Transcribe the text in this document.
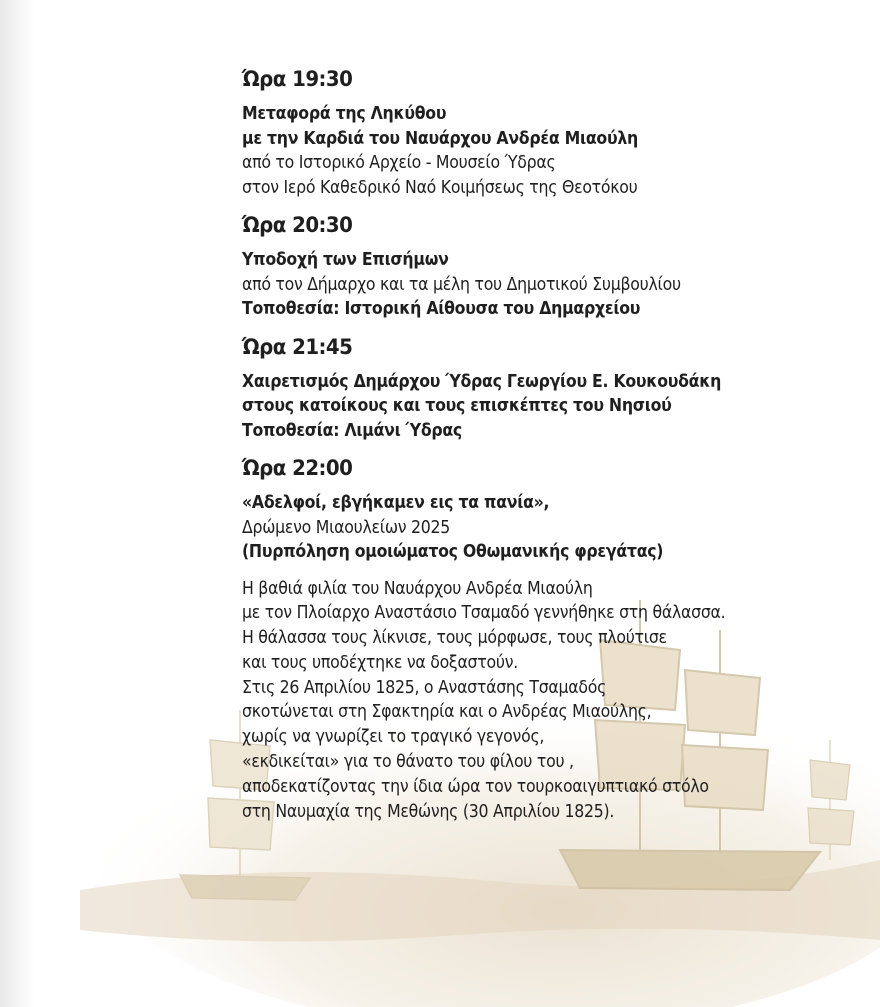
Ώρα 19:30
Μεταφορά της Ληκύθου
με την Καρδιά του Ναυάρχου Ανδρέα Μιαούλη
από το Ιστορικό Αρχείο - Μουσείο Ύδρας
στον Ιερό Καθεδρικό Ναό Κοιμήσεως της Θεοτόκου
Ώρα 20:30
Υποδοχή των Επισήμων
από τον Δήμαρχο και τα μέλη του Δημοτικού Συμβουλίου
Τοποθεσία: Ιστορική Αίθουσα του Δημαρχείου
Ώρα 21:45
Χαιρετισμός Δημάρχου Ύδρας Γεωργίου Ε. Κουκουδάκη
στους κατοίκους και τους επισκέπτες του Νησιού
Τοποθεσία: Λιμάνι Ύδρας
Ώρα 22:00
«Αδελφοί, εβγήκαμεν εις τα πανία»,
Δρώμενο Μιαουλείων 2025
(Πυρπόληση ομοιώματος Οθωμανικής φρεγάτας)
Η βαθιά φιλία του Ναυάρχου Ανδρέα Μιαούλη
με τον Πλοίαρχο Αναστάσιο Τσαμαδό γεννήθηκε στη θάλασσα.
Η θάλασσα τους λίκνισε, τους μόρφωσε, τους πλούτισε
και τους υποδέχτηκε να δοξαστούν.
Στις 26 Απριλίου 1825, ο Αναστάσης Τσαμαδός
σκοτώνεται στη Σφακτηρία και ο Ανδρέας Μιαούλης,
χωρίς να γνωρίζει το τραγικό γεγονός,
«εκδικείται» για το θάνατο του φίλου του ,
αποδεκατίζοντας την ίδια ώρα τον τουρκοαιγυπτιακό στόλο
στη Ναυμαχία της Μεθώνης (30 Απριλίου 1825).
